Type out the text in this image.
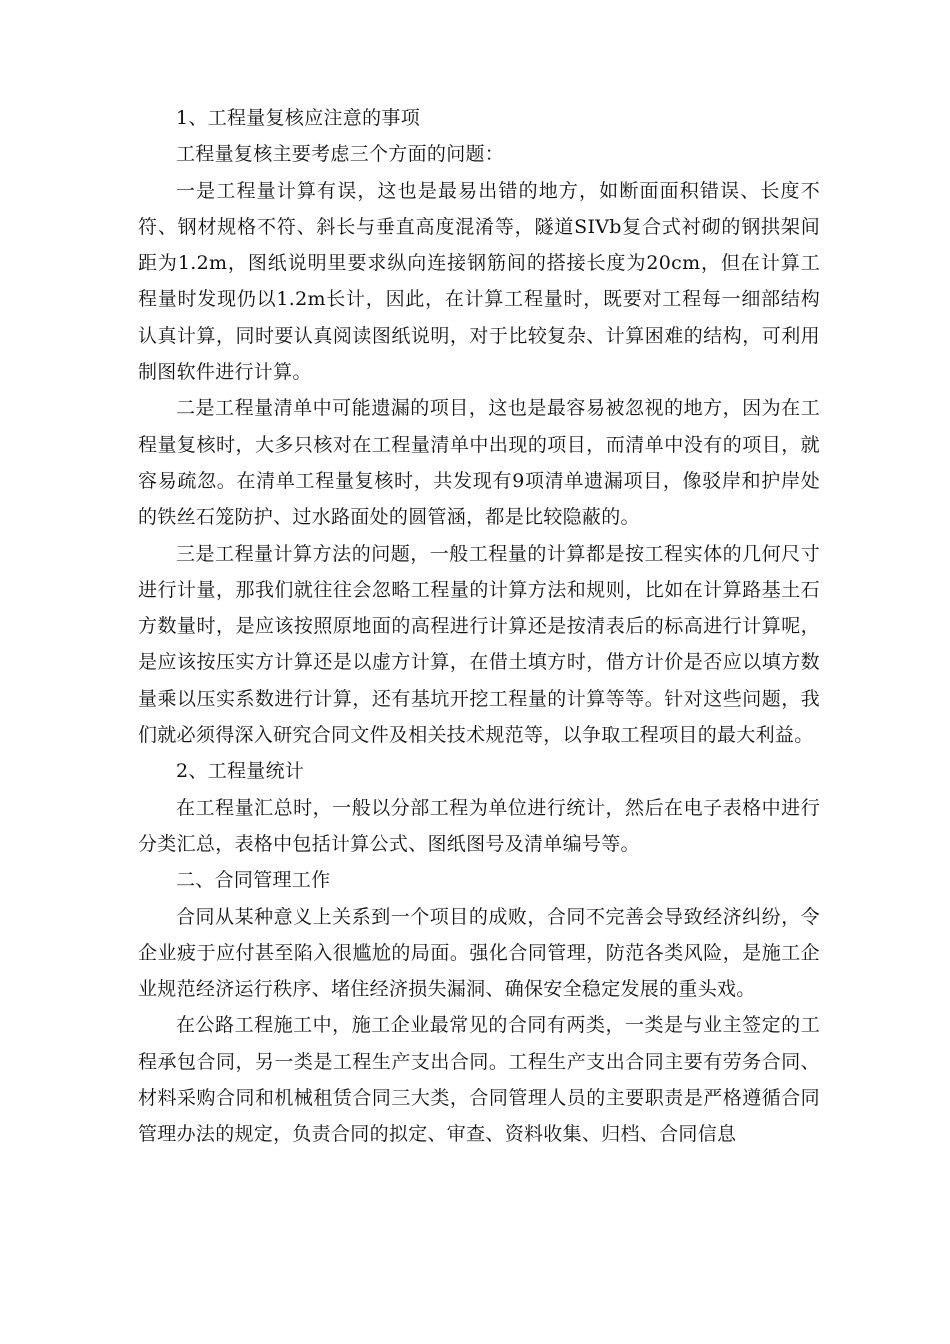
1、工程量复核应注意的事项

工程量复核主要考虑三个方面的问题：

一是工程量计算有误，这也是最易出错的地方，如断面面积错误、长度不符、钢材规格不符、斜长与垂直高度混淆等，隧道SIVb复合式衬砌的钢拱架间距为1.2m，图纸说明里要求纵向连接钢筋间的搭接长度为20cm，但在计算工程量时发现仍以1.2m长计，因此，在计算工程量时，既要对工程每一细部结构认真计算，同时要认真阅读图纸说明，对于比较复杂、计算困难的结构，可利用制图软件进行计算。

二是工程量清单中可能遗漏的项目，这也是最容易被忽视的地方，因为在工程量复核时，大多只核对在工程量清单中出现的项目，而清单中没有的项目，就容易疏忽。在清单工程量复核时，共发现有9项清单遗漏项目，像驳岸和护岸处的铁丝石笼防护、过水路面处的圆管涵，都是比较隐蔽的。

三是工程量计算方法的问题，一般工程量的计算都是按工程实体的几何尺寸进行计量，那我们就往往会忽略工程量的计算方法和规则，比如在计算路基土石方数量时，是应该按照原地面的高程进行计算还是按清表后的标高进行计算呢，是应该按压实方计算还是以虚方计算，在借土填方时，借方计价是否应以填方数量乘以压实系数进行计算，还有基坑开挖工程量的计算等等。针对这些问题，我们就必须得深入研究合同文件及相关技术规范等，以争取工程项目的最大利益。

2、工程量统计

在工程量汇总时，一般以分部工程为单位进行统计，然后在电子表格中进行分类汇总，表格中包括计算公式、图纸图号及清单编号等。

二、合同管理工作

合同从某种意义上关系到一个项目的成败，合同不完善会导致经济纠纷，令企业疲于应付甚至陷入很尴尬的局面。强化合同管理，防范各类风险，是施工企业规范经济运行秩序、堵住经济损失漏洞、确保安全稳定发展的重头戏。

在公路工程施工中，施工企业最常见的合同有两类，一类是与业主签定的工程承包合同，另一类是工程生产支出合同。工程生产支出合同主要有劳务合同、材料采购合同和机械租赁合同三大类，合同管理人员的主要职责是严格遵循合同管理办法的规定，负责合同的拟定、审查、资料收集、归档、合同信息
